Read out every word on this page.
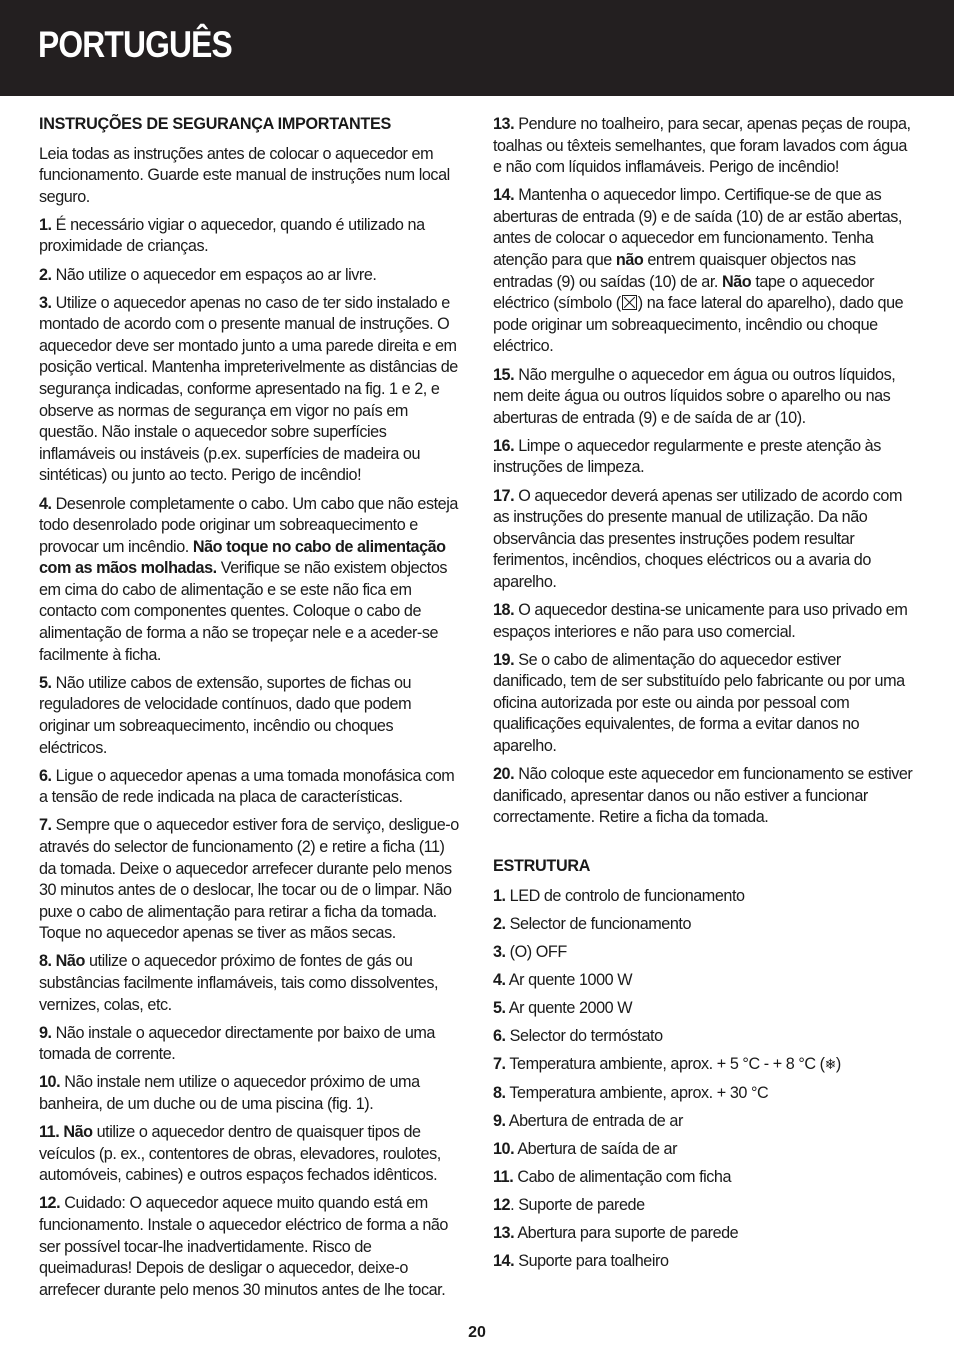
PORTUGUÊS
INSTRUÇÕES DE SEGURANÇA IMPORTANTES

Leia todas as instruções antes de colocar o aquecedor em funcionamento. Guarde este manual de instruções num local seguro.

1. É necessário vigiar o aquecedor, quando é utilizado na proximidade de crianças.

2. Não utilize o aquecedor em espaços ao ar livre.

3. Utilize o aquecedor apenas no caso de ter sido instalado e montado de acordo com o presente manual de instruções. O aquecedor deve ser montado junto a uma parede direita e em posição vertical. Mantenha impreterivelmente as distâncias de segurança indicadas, conforme apresentado na fig. 1 e 2, e observe as normas de segurança em vigor no país em questão. Não instale o aquecedor sobre superfícies inflamáveis ou instáveis (p.ex. superfícies de madeira ou sintéticas) ou junto ao tecto. Perigo de incêndio!

4. Desenrole completamente o cabo. Um cabo que não esteja todo desenrolado pode originar um sobreaquecimento e provocar um incêndio. Não toque no cabo de alimentação com as mãos molhadas. Verifique se não existem objectos em cima do cabo de alimentação e se este não fica em contacto com componentes quentes. Coloque o cabo de alimentação de forma a não se tropeçar nele e a aceder-se facilmente à ficha.

5. Não utilize cabos de extensão, suportes de fichas ou reguladores de velocidade contínuos, dado que podem originar um sobreaquecimento, incêndio ou choques eléctricos.

6. Ligue o aquecedor apenas a uma tomada monofásica com a tensão de rede indicada na placa de características.

7. Sempre que o aquecedor estiver fora de serviço, desligue-o através do selector de funcionamento (2) e retire a ficha (11) da tomada. Deixe o aquecedor arrefecer durante pelo menos 30 minutos antes de o deslocar, lhe tocar ou de o limpar. Não puxe o cabo de alimentação para retirar a ficha da tomada. Toque no aquecedor apenas se tiver as mãos secas.

8. Não utilize o aquecedor próximo de fontes de gás ou substâncias facilmente inflamáveis, tais como dissolventes, vernizes, colas, etc.

9. Não instale o aquecedor directamente por baixo de uma tomada de corrente.

10. Não instale nem utilize o aquecedor próximo de uma banheira, de um duche ou de uma piscina (fig. 1).

11. Não utilize o aquecedor dentro de quaisquer tipos de veículos (p. ex., contentores de obras, elevadores, roulotes, automóveis, cabines) e outros espaços fechados idênticos.

12. Cuidado: O aquecedor aquece muito quando está em funcionamento. Instale o aquecedor eléctrico de forma a não ser possível tocar-lhe inadvertidamente. Risco de queimaduras! Depois de desligar o aquecedor, deixe-o arrefecer durante pelo menos 30 minutos antes de lhe tocar.

13. Pendure no toalheiro, para secar, apenas peças de roupa, toalhas ou têxteis semelhantes, que foram lavados com água e não com líquidos inflamáveis. Perigo de incêndio!

14. Mantenha o aquecedor limpo. Certifique-se de que as aberturas de entrada (9) e de saída (10) de ar estão abertas, antes de colocar o aquecedor em funcionamento. Tenha atenção para que não entrem quaisquer objectos nas entradas (9) ou saídas (10) de ar. Não tape o aquecedor eléctrico (símbolo ( ) na face lateral do aparelho), dado que pode originar um sobreaquecimento, incêndio ou choque eléctrico.

15. Não mergulhe o aquecedor em água ou outros líquidos, nem deite água ou outros líquidos sobre o aparelho ou nas aberturas de entrada (9) e de saída de ar (10).

16. Limpe o aquecedor regularmente e preste atenção às instruções de limpeza.

17. O aquecedor deverá apenas ser utilizado de acordo com as instruções do presente manual de utilização. Da não observância das presentes instruções podem resultar ferimentos, incêndios, choques eléctricos ou a avaria do aparelho.

18. O aquecedor destina-se unicamente para uso privado em espaços interiores e não para uso comercial.

19. Se o cabo de alimentação do aquecedor estiver danificado, tem de ser substituído pelo fabricante ou por uma oficina autorizada por este ou ainda por pessoal com qualificações equivalentes, de forma a evitar danos no aparelho.

20. Não coloque este aquecedor em funcionamento se estiver danificado, apresentar danos ou não estiver a funcionar correctamente. Retire a ficha da tomada.

ESTRUTURA
1. LED de controlo de funcionamento
2. Selector de funcionamento
3. (O) OFF
4. Ar quente 1000 W
5. Ar quente 2000 W
6. Selector do termóstato
7. Temperatura ambiente, aprox. + 5 °C - + 8 °C (❄)
8. Temperatura ambiente, aprox. + 30 °C
9. Abertura de entrada de ar
10. Abertura de saída de ar
11. Cabo de alimentação com ficha
12. Suporte de parede
13. Abertura para suporte de parede
14. Suporte para toalheiro
20
